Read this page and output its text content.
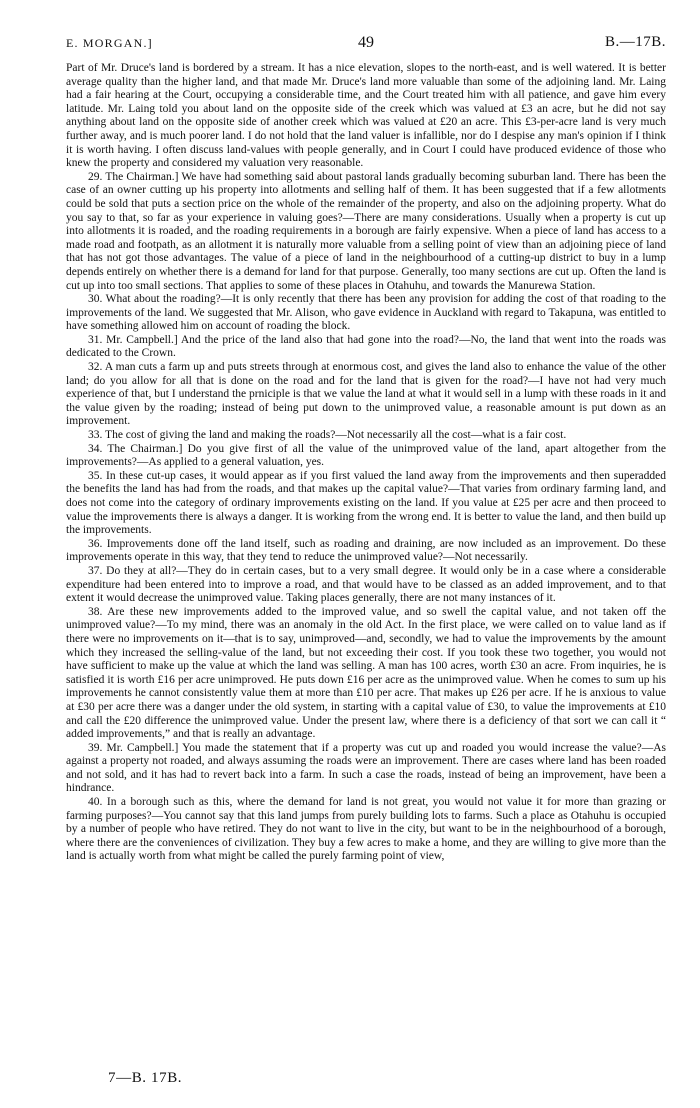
E. MORGAN.]	49	B.—17B.

Part of Mr. Druce's land is bordered by a stream. It has a nice elevation, slopes to the north-east, and is well watered. It is better average quality than the higher land, and that made Mr. Druce's land more valuable than some of the adjoining land. Mr. Laing had a fair hearing at the Court, occupying a considerable time, and the Court treated him with all patience, and gave him every latitude. Mr. Laing told you about land on the opposite side of the creek which was valued at £3 an acre, but he did not say anything about land on the opposite side of another creek which was valued at £20 an acre. This £3-per-acre land is very much further away, and is much poorer land. I do not hold that the land valuer is infallible, nor do I despise any man's opinion if I think it is worth having. I often discuss land-values with people generally, and in Court I could have produced evidence of those who knew the property and considered my valuation very reasonable.

29. The Chairman.] We have had something said about pastoral lands gradually becoming suburban land. There has been the case of an owner cutting up his property into allotments and selling half of them. It has been suggested that if a few allotments could be sold that puts a section price on the whole of the remainder of the property, and also on the adjoining property. What do you say to that, so far as your experience in valuing goes?—There are many considerations. Usually when a property is cut up into allotments it is roaded, and the roading requirements in a borough are fairly expensive. When a piece of land has access to a made road and footpath, as an allotment it is naturally more valuable from a selling point of view than an adjoining piece of land that has not got those advantages. The value of a piece of land in the neighbourhood of a cutting-up district to buy in a lump depends entirely on whether there is a demand for land for that purpose. Generally, too many sections are cut up. Often the land is cut up into too small sections. That applies to some of these places in Otahuhu, and towards the Manurewa Station.

30. What about the roading?—It is only recently that there has been any provision for adding the cost of that roading to the improvements of the land. We suggested that Mr. Alison, who gave evidence in Auckland with regard to Takapuna, was entitled to have something allowed him on account of roading the block.

31. Mr. Campbell.] And the price of the land also that had gone into the road?—No, the land that went into the roads was dedicated to the Crown.

32. A man cuts a farm up and puts streets through at enormous cost, and gives the land also to enhance the value of the other land; do you allow for all that is done on the road and for the land that is given for the road?—I have not had very much experience of that, but I understand the prniciple is that we value the land at what it would sell in a lump with these roads in it and the value given by the roading; instead of being put down to the unimproved value, a reasonable amount is put down as an improvement.

33. The cost of giving the land and making the roads?—Not necessarily all the cost—what is a fair cost.

34. The Chairman.] Do you give first of all the value of the unimproved value of the land, apart altogether from the improvements?—As applied to a general valuation, yes.

35. In these cut-up cases, it would appear as if you first valued the land away from the improvements and then superadded the benefits the land has had from the roads, and that makes up the capital value?—That varies from ordinary farming land, and does not come into the category of ordinary improvements existing on the land. If you value at £25 per acre and then proceed to value the improvements there is always a danger. It is working from the wrong end. It is better to value the land, and then build up the improvements.

36. Improvements done off the land itself, such as roading and draining, are now included as an improvement. Do these improvements operate in this way, that they tend to reduce the unimproved value?—Not necessarily.

37. Do they at all?—They do in certain cases, but to a very small degree. It would only be in a case where a considerable expenditure had been entered into to improve a road, and that would have to be classed as an added improvement, and to that extent it would decrease the unimproved value. Taking places generally, there are not many instances of it.

38. Are these new improvements added to the improved value, and so swell the capital value, and not taken off the unimproved value?—To my mind, there was an anomaly in the old Act. In the first place, we were called on to value land as if there were no improvements on it—that is to say, unimproved—and, secondly, we had to value the improvements by the amount which they increased the selling-value of the land, but not exceeding their cost. If you took these two together, you would not have sufficient to make up the value at which the land was selling. A man has 100 acres, worth £30 an acre. From inquiries, he is satisfied it is worth £16 per acre unimproved. He puts down £16 per acre as the unimproved value. When he comes to sum up his improvements he cannot consistently value them at more than £10 per acre. That makes up £26 per acre. If he is anxious to value at £30 per acre there was a danger under the old system, in starting with a capital value of £30, to value the improvements at £10 and call the £20 difference the unimproved value. Under the present law, where there is a deficiency of that sort we can call it “ added improvements,” and that is really an advantage.

39. Mr. Campbell.] You made the statement that if a property was cut up and roaded you would increase the value?—As against a property not roaded, and always assuming the roads were an improvement. There are cases where land has been roaded and not sold, and it has had to revert back into a farm. In such a case the roads, instead of being an improvement, have been a hindrance.

40. In a borough such as this, where the demand for land is not great, you would not value it for more than grazing or farming purposes?—You cannot say that this land jumps from purely building lots to farms. Such a place as Otahuhu is occupied by a number of people who have retired. They do not want to live in the city, but want to be in the neighbourhood of a borough, where there are the conveniences of civilization. They buy a few acres to make a home, and they are willing to give more than the land is actually worth from what might be called the purely farming point of view,

7—B. 17B.
